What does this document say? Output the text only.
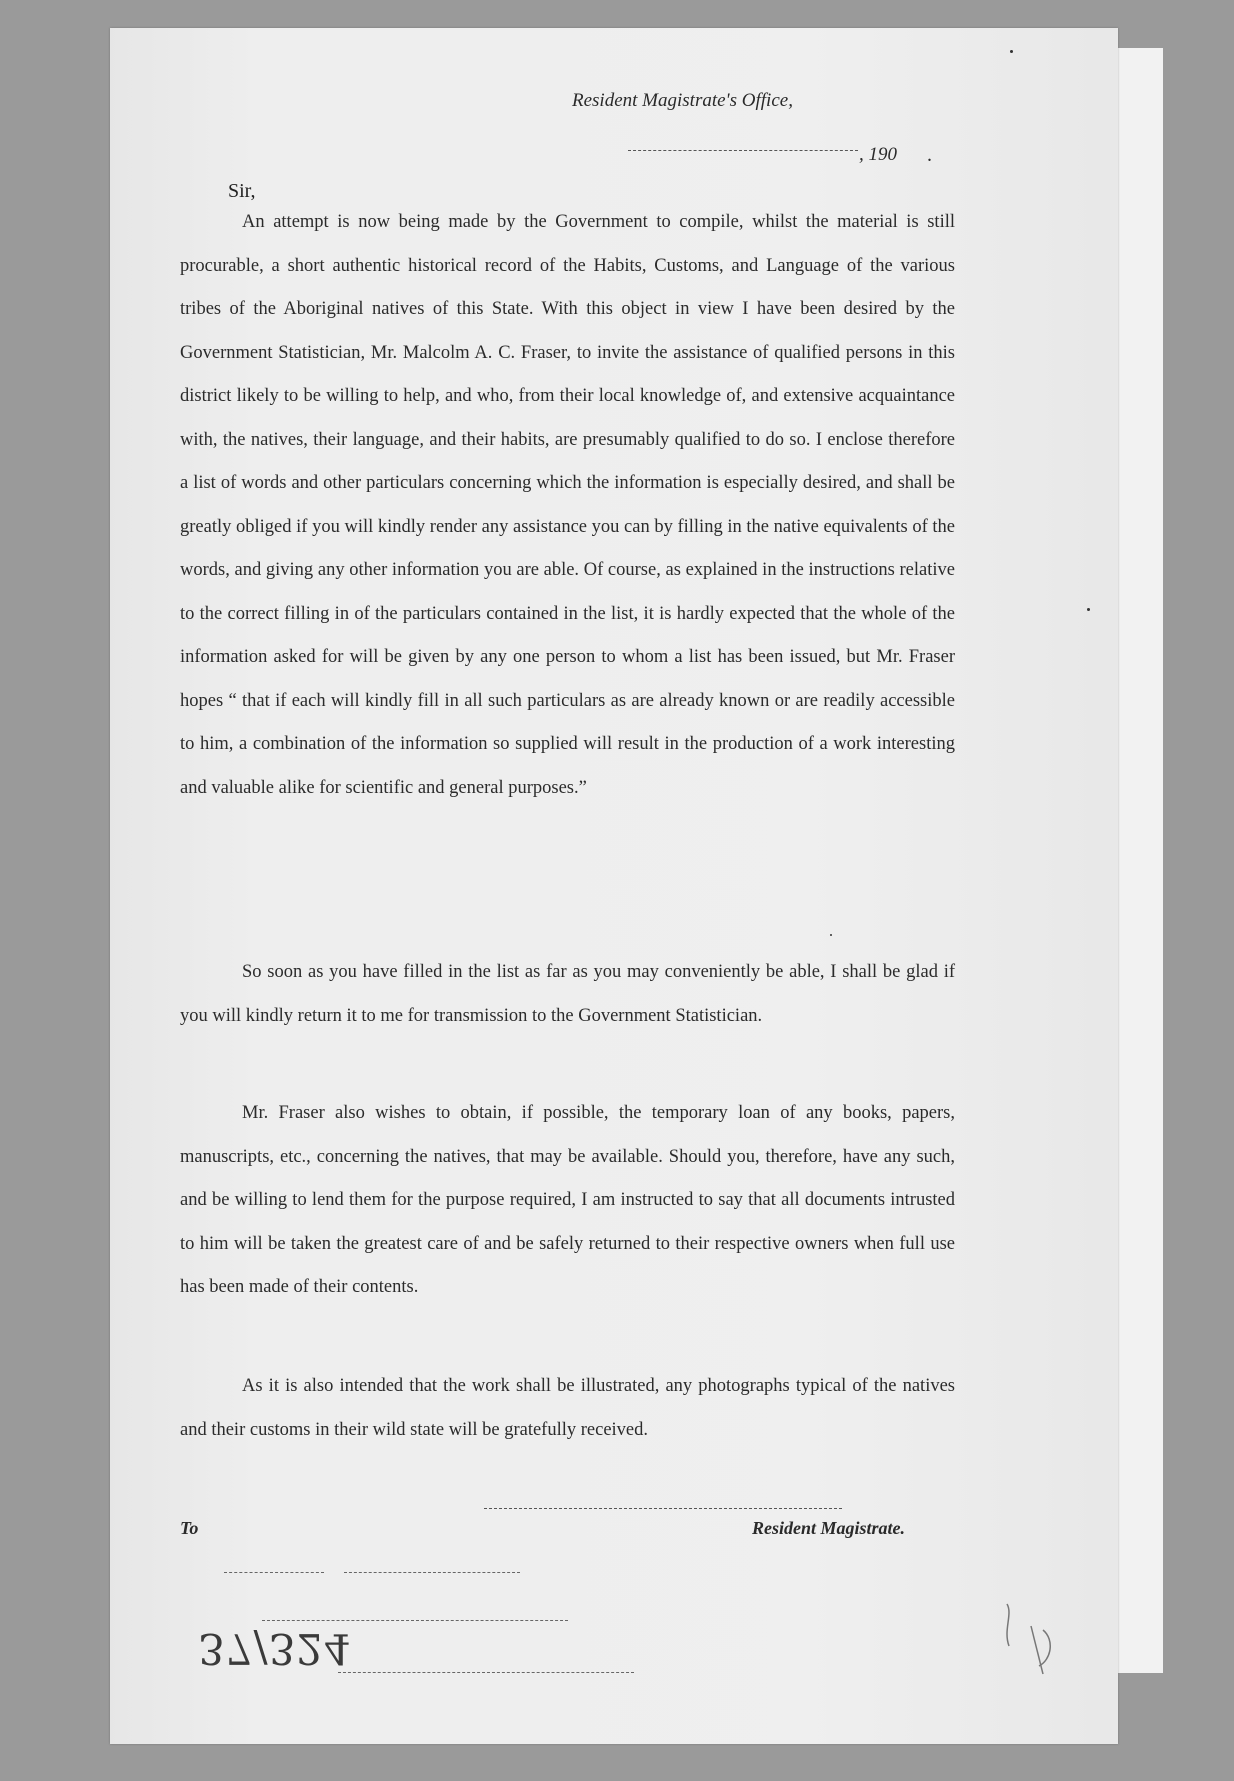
Resident Magistrate's Office,
, 190 .
Sir,

An attempt is now being made by the Government to compile, whilst the material is still procurable, a short authentic historical record of the Habits, Customs, and Language of the various tribes of the Aboriginal natives of this State. With this object in view I have been desired by the Government Statistician, Mr. Malcolm A. C. Fraser, to invite the assistance of qualified persons in this district likely to be willing to help, and who, from their local knowledge of, and extensive acquaintance with, the natives, their language, and their habits, are presumably qualified to do so. I enclose therefore a list of words and other particulars concerning which the information is especially desired, and shall be greatly obliged if you will kindly render any assistance you can by filling in the native equivalents of the words, and giving any other information you are able. Of course, as explained in the instructions relative to the correct filling in of the particulars contained in the list, it is hardly expected that the whole of the information asked for will be given by any one person to whom a list has been issued, but Mr. Fraser hopes “ that if each will kindly fill in all such particulars as are already known or are readily accessible to him, a combination of the information so supplied will result in the production of a work interesting and valuable alike for scientific and general purposes.”

So soon as you have filled in the list as far as you may conveniently be able, I shall be glad if you will kindly return it to me for transmission to the Government Statistician.

Mr. Fraser also wishes to obtain, if possible, the temporary loan of any books, papers, manuscripts, etc., concerning the natives, that may be available. Should you, therefore, have any such, and be willing to lend them for the purpose required, I am instructed to say that all documents intrusted to him will be taken the greatest care of and be safely returned to their respective owners when full use has been made of their contents.

As it is also intended that the work shall be illustrated, any photographs typical of the natives and their customs in their wild state will be gratefully received.

To	Resident Magistrate.
37/324
